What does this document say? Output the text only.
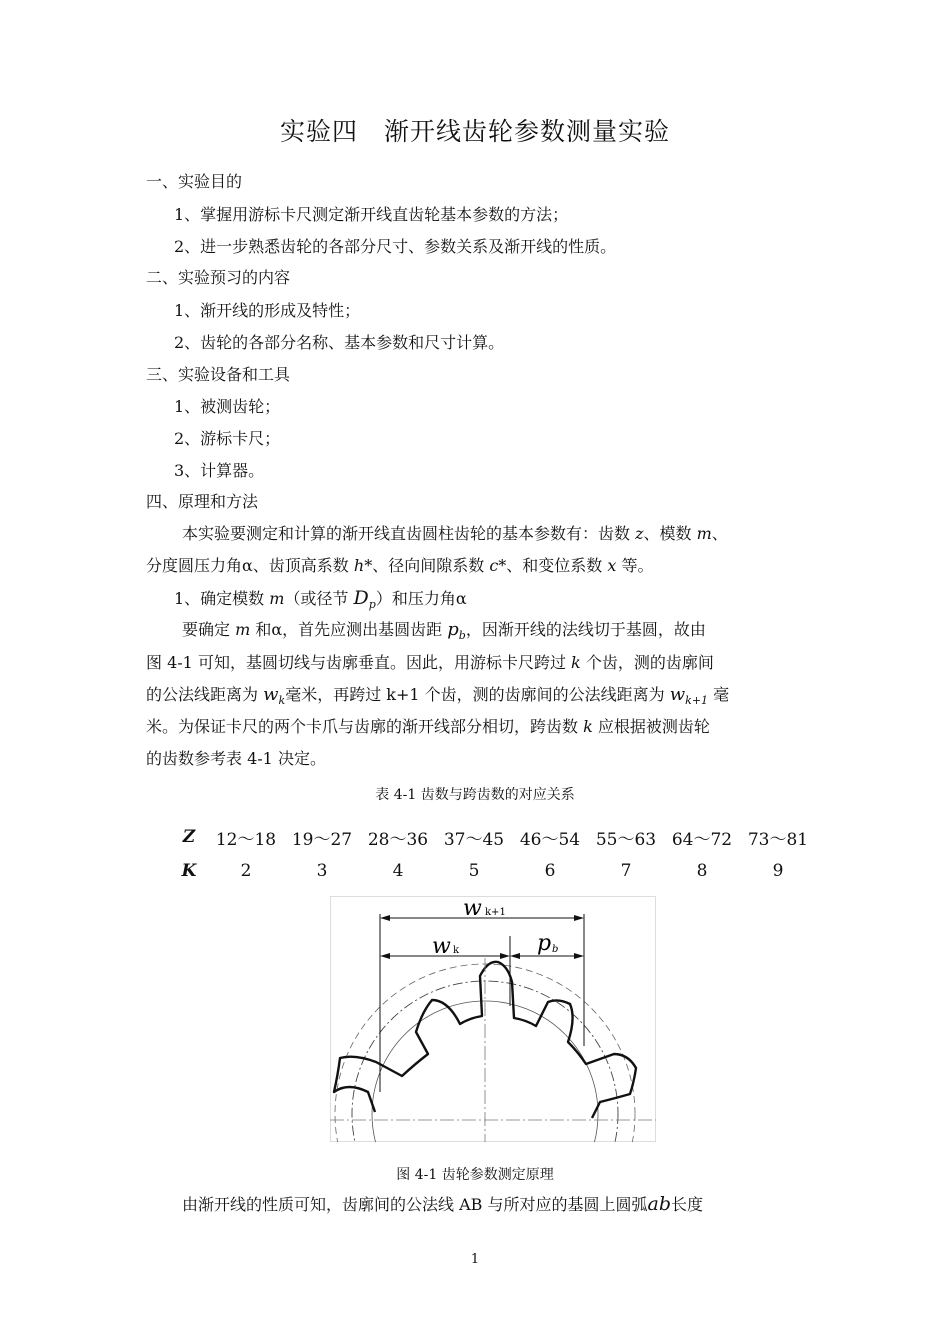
实验四　渐开线齿轮参数测量实验
一、实验目的
1、掌握用游标卡尺测定渐开线直齿轮基本参数的方法；
2、进一步熟悉齿轮的各部分尺寸、参数关系及渐开线的性质。
二、实验预习的内容
1、渐开线的形成及特性；
2、齿轮的各部分名称、基本参数和尺寸计算。
三、实验设备和工具
1、被测齿轮；
2、游标卡尺；
3、计算器。
四、原理和方法
本实验要测定和计算的渐开线直齿圆柱齿轮的基本参数有：齿数 z、模数 m、
分度圆压力角α、齿顶高系数 h*、径向间隙系数 c*、和变位系数 x 等。
1、确定模数 m（或径节 $D_p$）和压力角α
要确定 m 和α，首先应测出基圆齿距 $p_b$，因渐开线的法线切于基圆，故由
图 4-1 可知，基圆切线与齿廓垂直。因此，用游标卡尺跨过 k 个齿，测的齿廓间
的公法线距离为 $w_k$毫米，再跨过 k+1 个齿，测的齿廓间的公法线距离为 $w_{k+1}$ 毫
米。为保证卡尺的两个卡爪与齿廓的渐开线部分相切，跨齿数 k 应根据被测齿轮
的齿数参考表 4-1 决定。
表 4-1 齿数与跨齿数的对应关系
Z	12～18	19～27	28～36	37～45	46～54	55～63	64～72	73～81
K	2	3	4	5	6	7	8	9
w k+1
w k	p b
图 4-1 齿轮参数测定原理
由渐开线的性质可知，齿廓间的公法线 AB 与所对应的基圆上圆弧ab长度
1
